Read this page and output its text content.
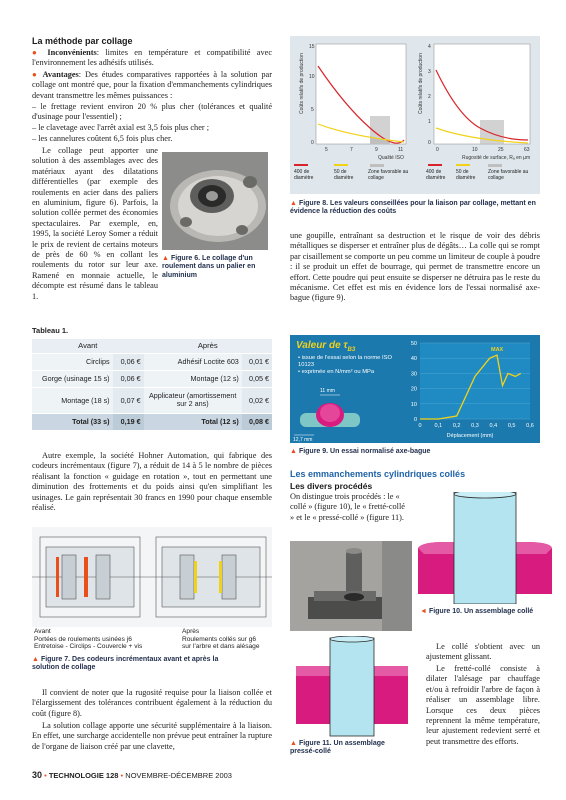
La méthode par collage
● Inconvénients: limites en température et compatibilité avec l'environnement les adhésifs utilisés.
● Avantages: Des études comparatives rapportées à la solution par collage ont montré que, pour la fixation d'emmanchements cylindriques devant transmettre les mêmes puissances :
– le frettage revient environ 20 % plus cher (tolérances et qualité d'usinage pour l'essentiel) ;
– le clavetage avec l'arrêt axial est 3,5 fois plus cher ;
– les cannelures coûtent 6,5 fois plus cher.
Le collage peut apporter une solution à des assemblages avec des matériaux ayant des dilatations différentielles (par exemple des roulements en acier dans des paliers en aluminium, figure 6). Parfois, la solution collée permet des économies spectaculaires. Par exemple, en, 1995, la société Leroy Somer a réduit le prix de revient de certains moteurs de près de 60 % en collant les roulements du rotor sur leur axe. Ramené en monnaie actuelle, le décompte est résumé dans le tableau 1.
▲ Figure 6. Le collage d'un roulement dans un palier en aluminium
Tableau 1.
Avant		Après	
Circlips	0,06 €	Adhésif Loctite 603	0,01 €
Gorge (usinage 15 s)	0,06 €	Montage (12 s)	0,05 €
Montage (18 s)	0,07 €	Applicateur (amortissement sur 2 ans)	0,02 €
Total (33 s)	0,19 €	Total (12 s)	0,08 €
Autre exemple, la société Hohner Automation, qui fabrique des codeurs incrémentaux (figure 7), a réduit de 14 à 5 le nombre de pièces réalisant la fonction « guidage en rotation », tout en permettant une diminution des frottements et du poids ainsi qu'en simplifiant les usinages. Le gain représentait 30 francs en 1990 pour chaque ensemble réalisé.
Avant
Portées de roulements usinées j6
Entretoise - Circlips - Couvercle + vis
Après
Roulements collés sur g6
sur l'arbre et dans alésage
▲ Figure 7. Des codeurs incrémentaux avant et après la solution de collage
Il convient de noter que la rugosité requise pour la liaison collée et l'élargissement des tolérances contribuent également à la réduction du coût (figure 8).
La solution collage apporte une sécurité supplémentaire à la liaison. En effet, une surcharge accidentelle non prévue peut entraîner la rupture de l'organe de liaison créé par une clavette,
15
10
5
0
5	7	9	11
Qualité ISO
Coûts relatifs de production
4
3
2
1
0
0	10	25	63
Rugosité de surface, Rₐ en µm
Coûts relatifs de production
400 de diamètre
50 de diamètre
Zone favorable au collage
400 de diamètre
50 de diamètre
Zone favorable au collage
▲ Figure 8. Les valeurs conseillées pour la liaison par collage, mettant en évidence la réduction des coûts
une goupille, entraînant sa destruction et le risque de voir des débris métalliques se disperser et entraîner plus de dégâts… La colle qui se rompt par cisaillement se comporte un peu comme un limiteur de couple à poudre : il se produit un effet de bourrage, qui permet de transmettre encore un effort. Cette poudre qui peut ensuite se disperser ne détruira pas le reste du mécanisme. Cet effet est mis en évidence lors de l'essai normalisé axe-bague (figure 9).
Valeur de $\tau_{B3}$
• issue de l'essai selon la norme ISO 10123
• exprimée en N/mm² ou MPa
11 mm
12,7 mm
50
40
30
20
10
0
0 0,1 0,2 0,3 0,4 0,5 0,6
MAX
Déplacement (mm)
▲ Figure 9. Un essai normalisé axe-bague
Les emmanchements cylindriques collés
Les divers procédés
On distingue trois procédés : le « collé » (figure 10), le « fretté-collé » et le « pressé-collé » (figure 11).
◄ Figure 10. Un assemblage collé
▲ Figure 11. Un assemblage pressé-collé
Le collé s'obtient avec un ajustement glissant.
Le fretté-collé consiste à dilater l'alésage par chauffage et/ou à refroidir l'arbre de façon à réaliser un assemblage libre. Lorsque ces deux pièces reprennent la même température, leur ajustement redevient serré et peut transmettre des efforts.
30 • TECHNOLOGIE 128 • NOVEMBRE-DÉCEMBRE 2003
